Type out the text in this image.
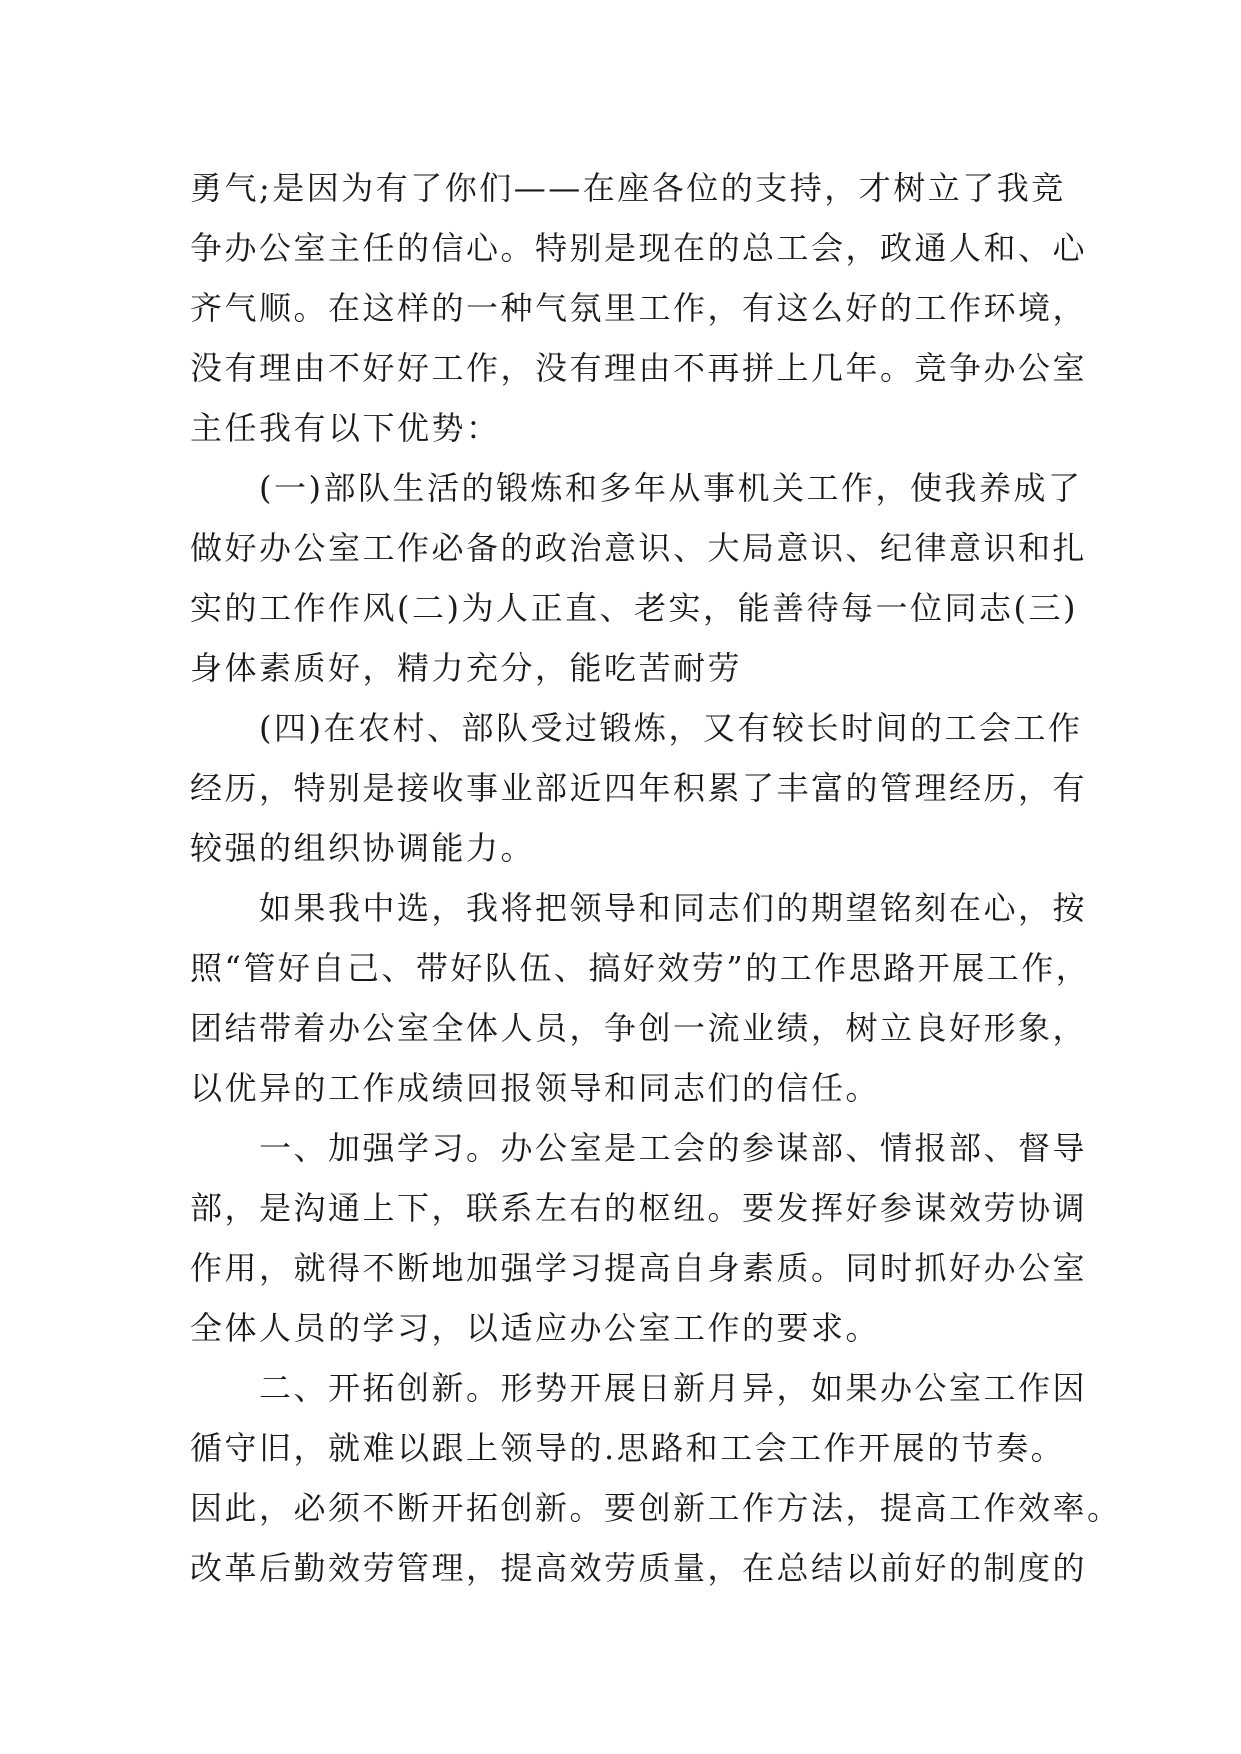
勇气;是因为有了你们——在座各位的支持，才树立了我竞
争办公室主任的信心。特别是现在的总工会，政通人和、心
齐气顺。在这样的一种气氛里工作，有这么好的工作环境，
没有理由不好好工作，没有理由不再拼上几年。竞争办公室
主任我有以下优势：
　　(一)部队生活的锻炼和多年从事机关工作，使我养成了
做好办公室工作必备的政治意识、大局意识、纪律意识和扎
实的工作作风(二)为人正直、老实，能善待每一位同志(三)
身体素质好，精力充分，能吃苦耐劳
　　(四)在农村、部队受过锻炼，又有较长时间的工会工作
经历，特别是接收事业部近四年积累了丰富的管理经历，有
较强的组织协调能力。
　　如果我中选，我将把领导和同志们的期望铭刻在心，按
照“管好自己、带好队伍、搞好效劳”的工作思路开展工作，
团结带着办公室全体人员，争创一流业绩，树立良好形象，
以优异的工作成绩回报领导和同志们的信任。
　　一、加强学习。办公室是工会的参谋部、情报部、督导
部，是沟通上下，联系左右的枢纽。要发挥好参谋效劳协调
作用，就得不断地加强学习提高自身素质。同时抓好办公室
全体人员的学习，以适应办公室工作的要求。
　　二、开拓创新。形势开展日新月异，如果办公室工作因
循守旧，就难以跟上领导的.思路和工会工作开展的节奏。
因此，必须不断开拓创新。要创新工作方法，提高工作效率。
改革后勤效劳管理，提高效劳质量，在总结以前好的制度的
